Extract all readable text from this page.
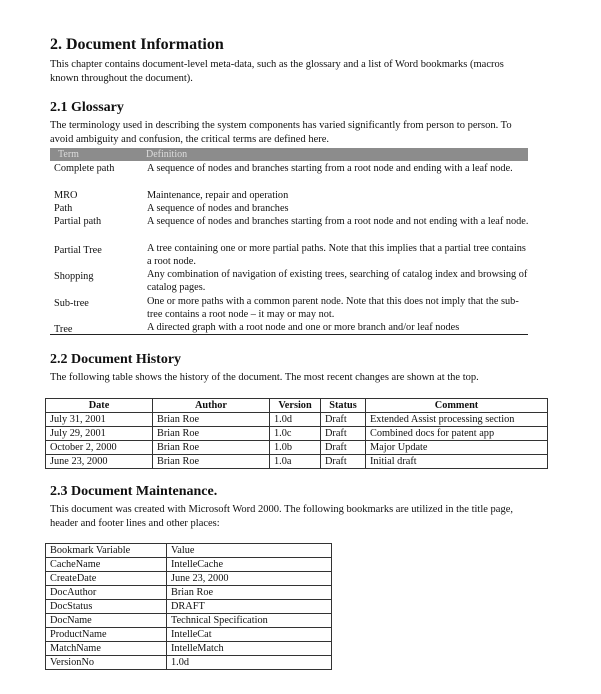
2. Document Information

This chapter contains document-level meta-data, such as the glossary and a list of Word bookmarks (macros known throughout the document).

2.1 Glossary

The terminology used in describing the system components has varied significantly from person to person. To avoid ambiguity and confusion, the critical terms are defined here.

Term	Definition
Complete path	A sequence of nodes and branches starting from a root node and ending with a leaf node.
MRO	Maintenance, repair and operation
Path	A sequence of nodes and branches
Partial path	A sequence of nodes and branches starting from a root node and not ending with a leaf node.
Partial Tree	A tree containing one or more partial paths. Note that this implies that a partial tree contains a root node.
Shopping	Any combination of navigation of existing trees, searching of catalog index and browsing of catalog pages.
Sub-tree	One or more paths with a common parent node. Note that this does not imply that the sub-tree contains a root node – it may or may not.
Tree	A directed graph with a root node and one or more branch and/or leaf nodes
2.2 Document History

The following table shows the history of the document. The most recent changes are shown at the top.

Date	Author	Version	Status	Comment
July 31, 2001	Brian Roe	1.0d	Draft	Extended Assist processing section
July 29, 2001	Brian Roe	1.0c	Draft	Combined docs for patent app
October 2, 2000	Brian Roe	1.0b	Draft	Major Update
June 23, 2000	Brian Roe	1.0a	Draft	Initial draft
2.3 Document Maintenance.

This document was created with Microsoft Word 2000. The following bookmarks are utilized in the title page, header and footer lines and other places:

Bookmark Variable	Value
CacheName	IntelleCache
CreateDate	June 23, 2000
DocAuthor	Brian Roe
DocStatus	DRAFT
DocName	Technical Specification
ProductName	IntelleCat
MatchName	IntelleMatch
VersionNo	1.0d
